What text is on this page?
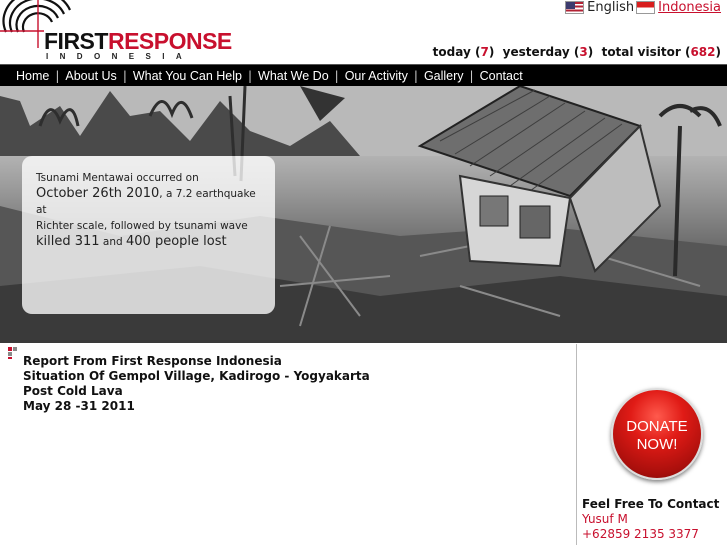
FIRSTRESPONSE
INDONESIA
English Indonesia
today (7)  yesterday (3)  total visitor (682)
Home | About Us | What You Can Help | What We Do | Our Activity | Gallery | Contact
Tsunami Mentawai occurred on
October 26th 2010, a 7.2 earthquake at
Richter scale, followed by tsunami wave
killed 311 and 400 people lost
Report From First Response Indonesia
Situation Of Gempol Village, Kadirogo - Yogyakarta
Post Cold Lava
May 28 -31 2011
DONATE
NOW!
Feel Free To Contact
Yusuf M
+62859 2135 3377
